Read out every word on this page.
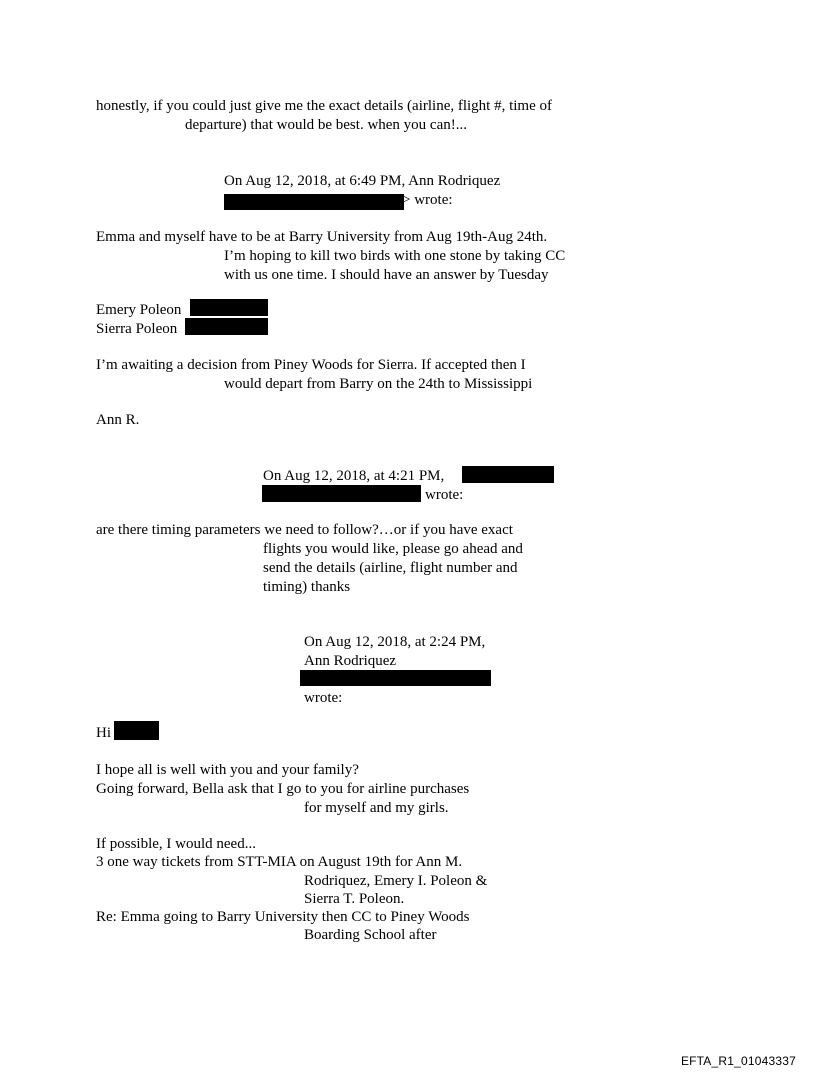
honestly, if you could just give me the exact details (airline, flight #, time of
departure) that would be best. when you can!...
On Aug 12, 2018, at 6:49 PM, Ann Rodriquez
> wrote:
Emma and myself have to be at Barry University from Aug 19th-Aug 24th.
I’m hoping to kill two birds with one stone by taking CC
with us one time. I should have an answer by Tuesday
Emery Poleon
Sierra Poleon
I’m awaiting a decision from Piney Woods for Sierra. If accepted then I
would depart from Barry on the 24th to Mississippi
Ann R.
On Aug 12, 2018, at 4:21 PM,
wrote:
are there timing parameters we need to follow?…or if you have exact
flights you would like, please go ahead and
send the details (airline, flight number and
timing) thanks
On Aug 12, 2018, at 2:24 PM,
Ann Rodriquez
wrote:
Hi
I hope all is well with you and your family?
Going forward, Bella ask that I go to you for airline purchases
for myself and my girls.
If possible, I would need...
3 one way tickets from STT-MIA on August 19th for Ann M.
Rodriquez, Emery I. Poleon &
Sierra T. Poleon.
Re: Emma going to Barry University then CC to Piney Woods
Boarding School after
EFTA_R1_01043337
